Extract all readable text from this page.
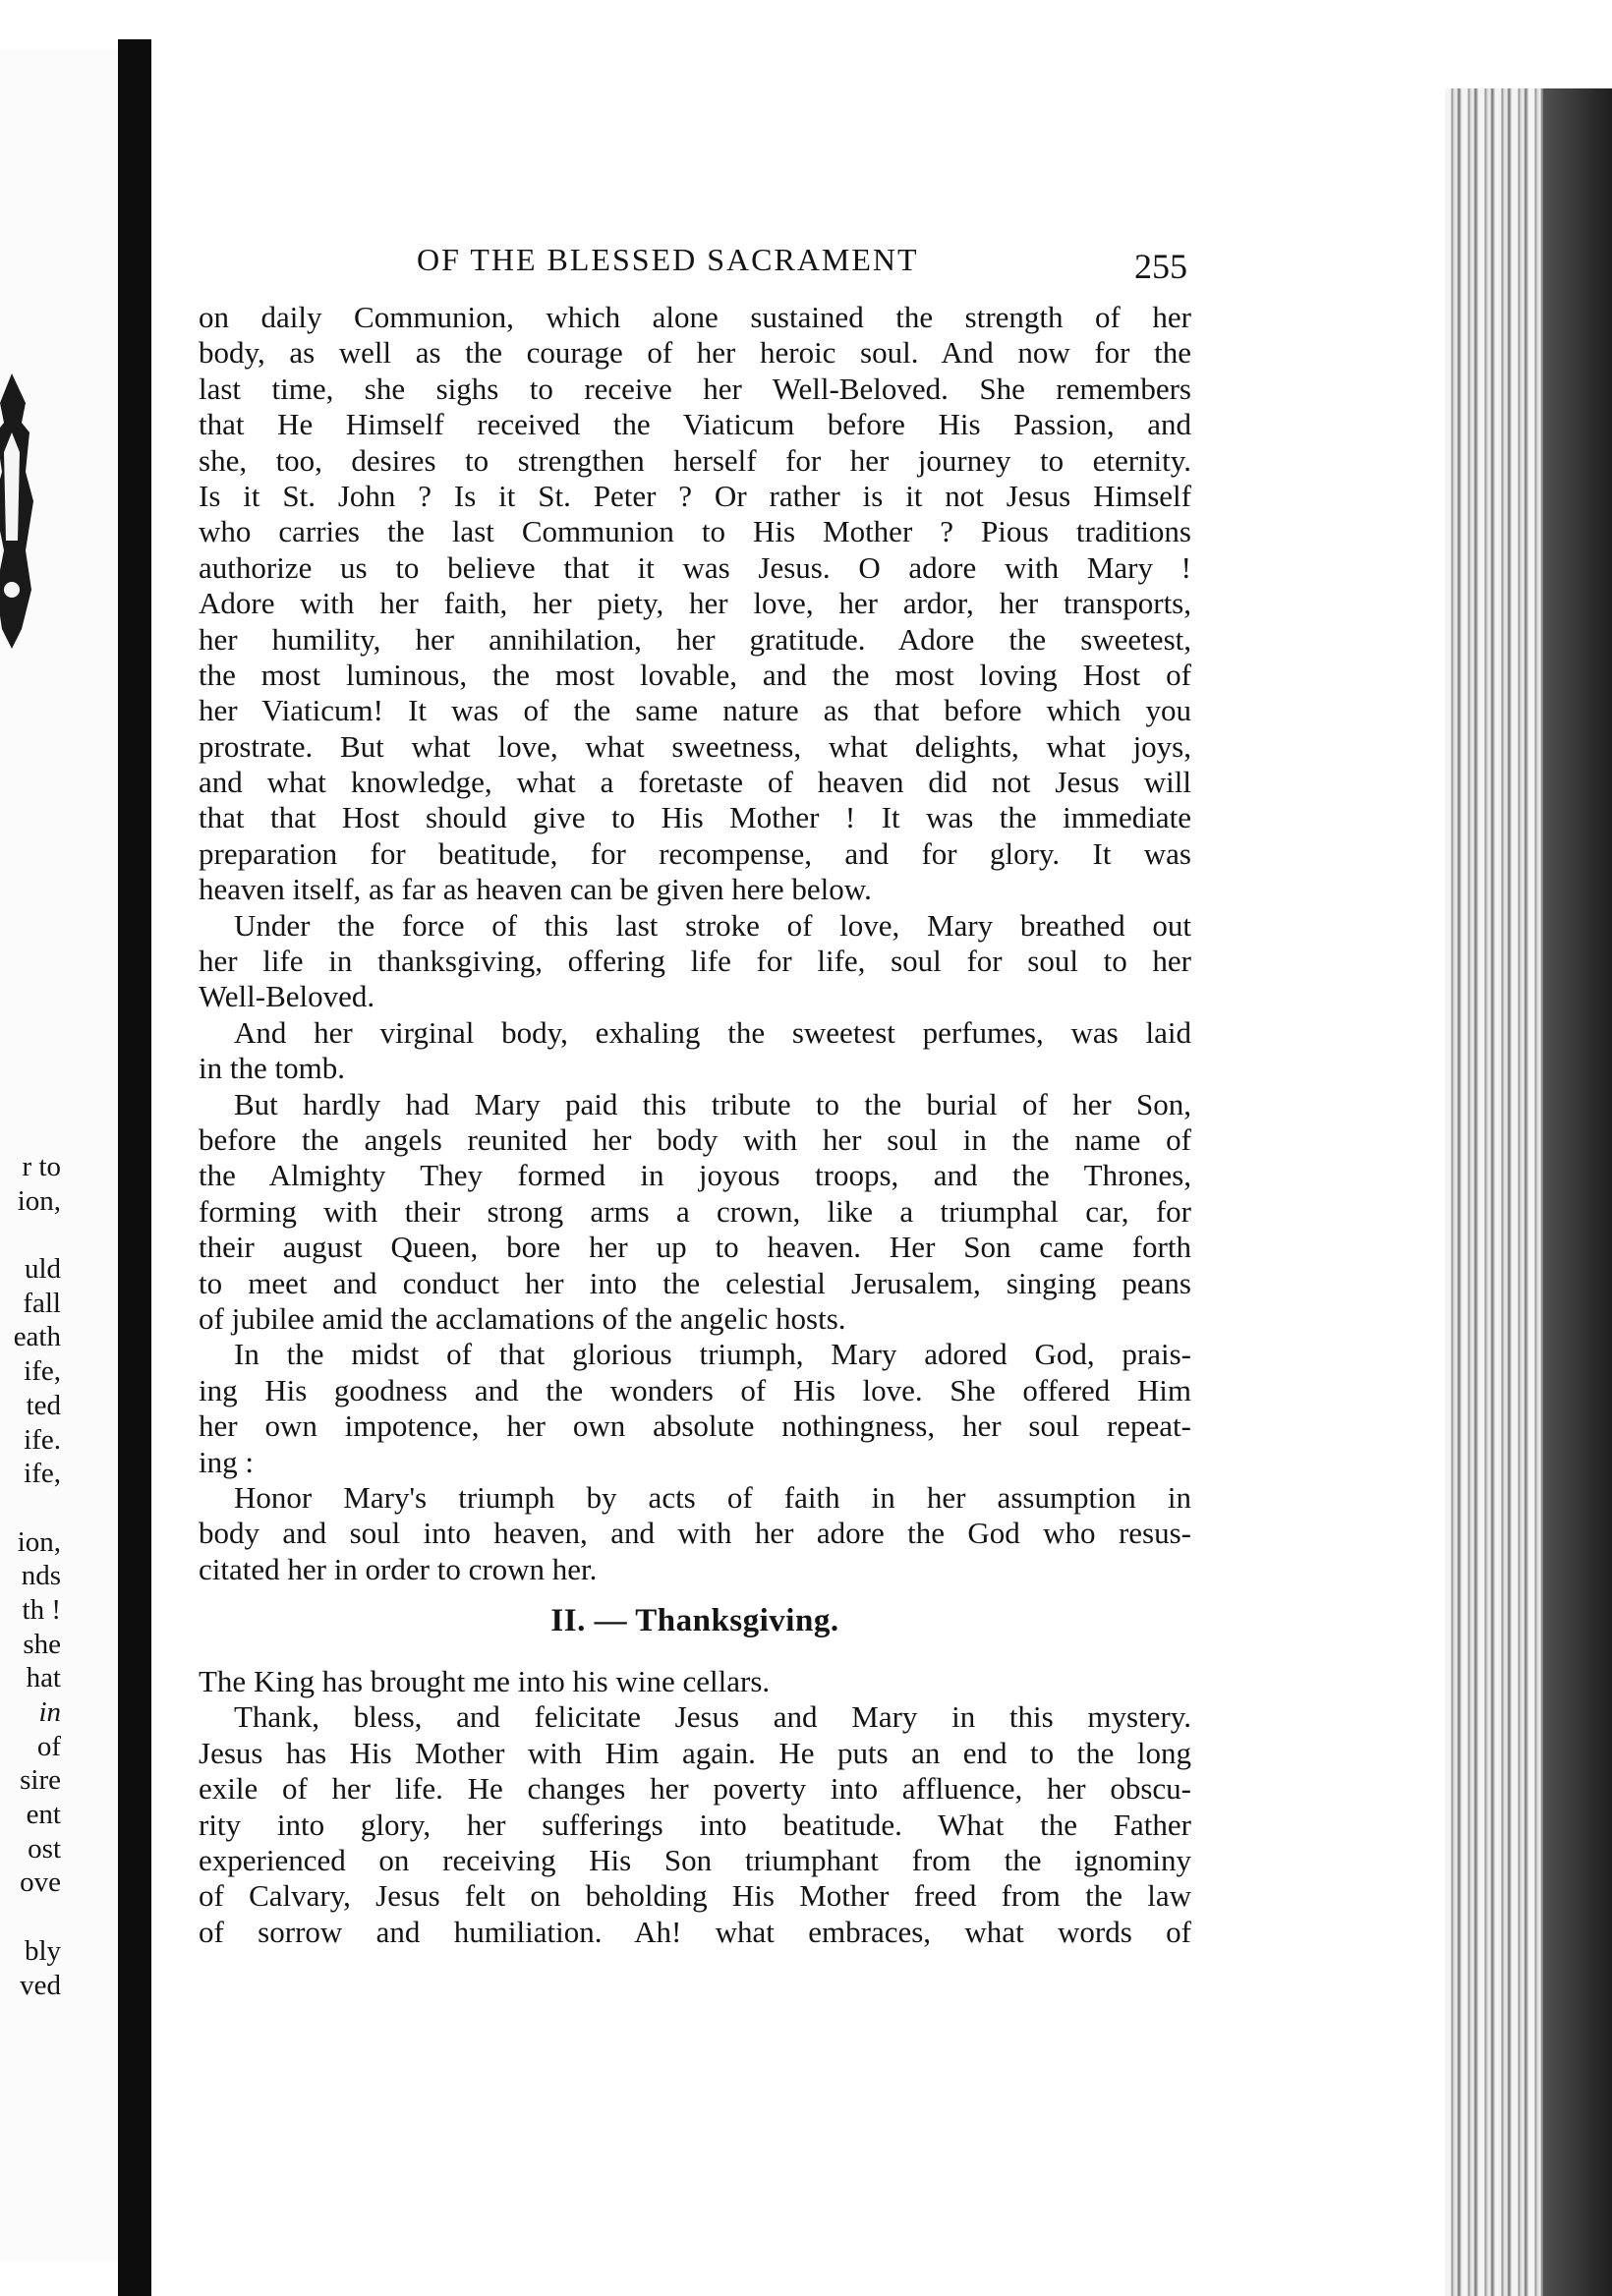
r to
ion,
uld
fall
eath
ife,
ted
ife.
ife,
ion,
nds
th !
she
hat
in
of
sire
ent
ost
ove
bly
ved
OF THE BLESSED SACRAMENT	255
on daily Communion, which alone sustained the strength of her
body, as well as the courage of her heroic soul. And now for the
last time, she sighs to receive her Well-Beloved. She remembers
that He Himself received the Viaticum before His Passion, and
she, too, desires to strengthen herself for her journey to eternity.
Is it St. John ? Is it St. Peter ? Or rather is it not Jesus Himself
who carries the last Communion to His Mother ? Pious traditions
authorize us to believe that it was Jesus. O adore with Mary !
Adore with her faith, her piety, her love, her ardor, her transports,
her humility, her annihilation, her gratitude. Adore the sweetest,
the most luminous, the most lovable, and the most loving Host of
her Viaticum! It was of the same nature as that before which you
prostrate. But what love, what sweetness, what delights, what joys,
and what knowledge, what a foretaste of heaven did not Jesus will
that that Host should give to His Mother ! It was the immediate
preparation for beatitude, for recompense, and for glory. It was
heaven itself, as far as heaven can be given here below.
Under the force of this last stroke of love, Mary breathed out
her life in thanksgiving, offering life for life, soul for soul to her
Well-Beloved.
And her virginal body, exhaling the sweetest perfumes, was laid
in the tomb.
But hardly had Mary paid this tribute to the burial of her Son,
before the angels reunited her body with her soul in the name of
the Almighty They formed in joyous troops, and the Thrones,
forming with their strong arms a crown, like a triumphal car, for
their august Queen, bore her up to heaven. Her Son came forth
to meet and conduct her into the celestial Jerusalem, singing peans
of jubilee amid the acclamations of the angelic hosts.
In the midst of that glorious triumph, Mary adored God, prais-
ing His goodness and the wonders of His love. She offered Him
her own impotence, her own absolute nothingness, her soul repeat-
ing :
Honor Mary's triumph by acts of faith in her assumption in
body and soul into heaven, and with her adore the God who resus-
citated her in order to crown her.
II. — Thanksgiving.
The King has brought me into his wine cellars.
Thank, bless, and felicitate Jesus and Mary in this mystery.
Jesus has His Mother with Him again. He puts an end to the long
exile of her life. He changes her poverty into affluence, her obscu-
rity into glory, her sufferings into beatitude. What the Father
experienced on receiving His Son triumphant from the ignominy
of Calvary, Jesus felt on beholding His Mother freed from the law
of sorrow and humiliation. Ah! what embraces, what words of
